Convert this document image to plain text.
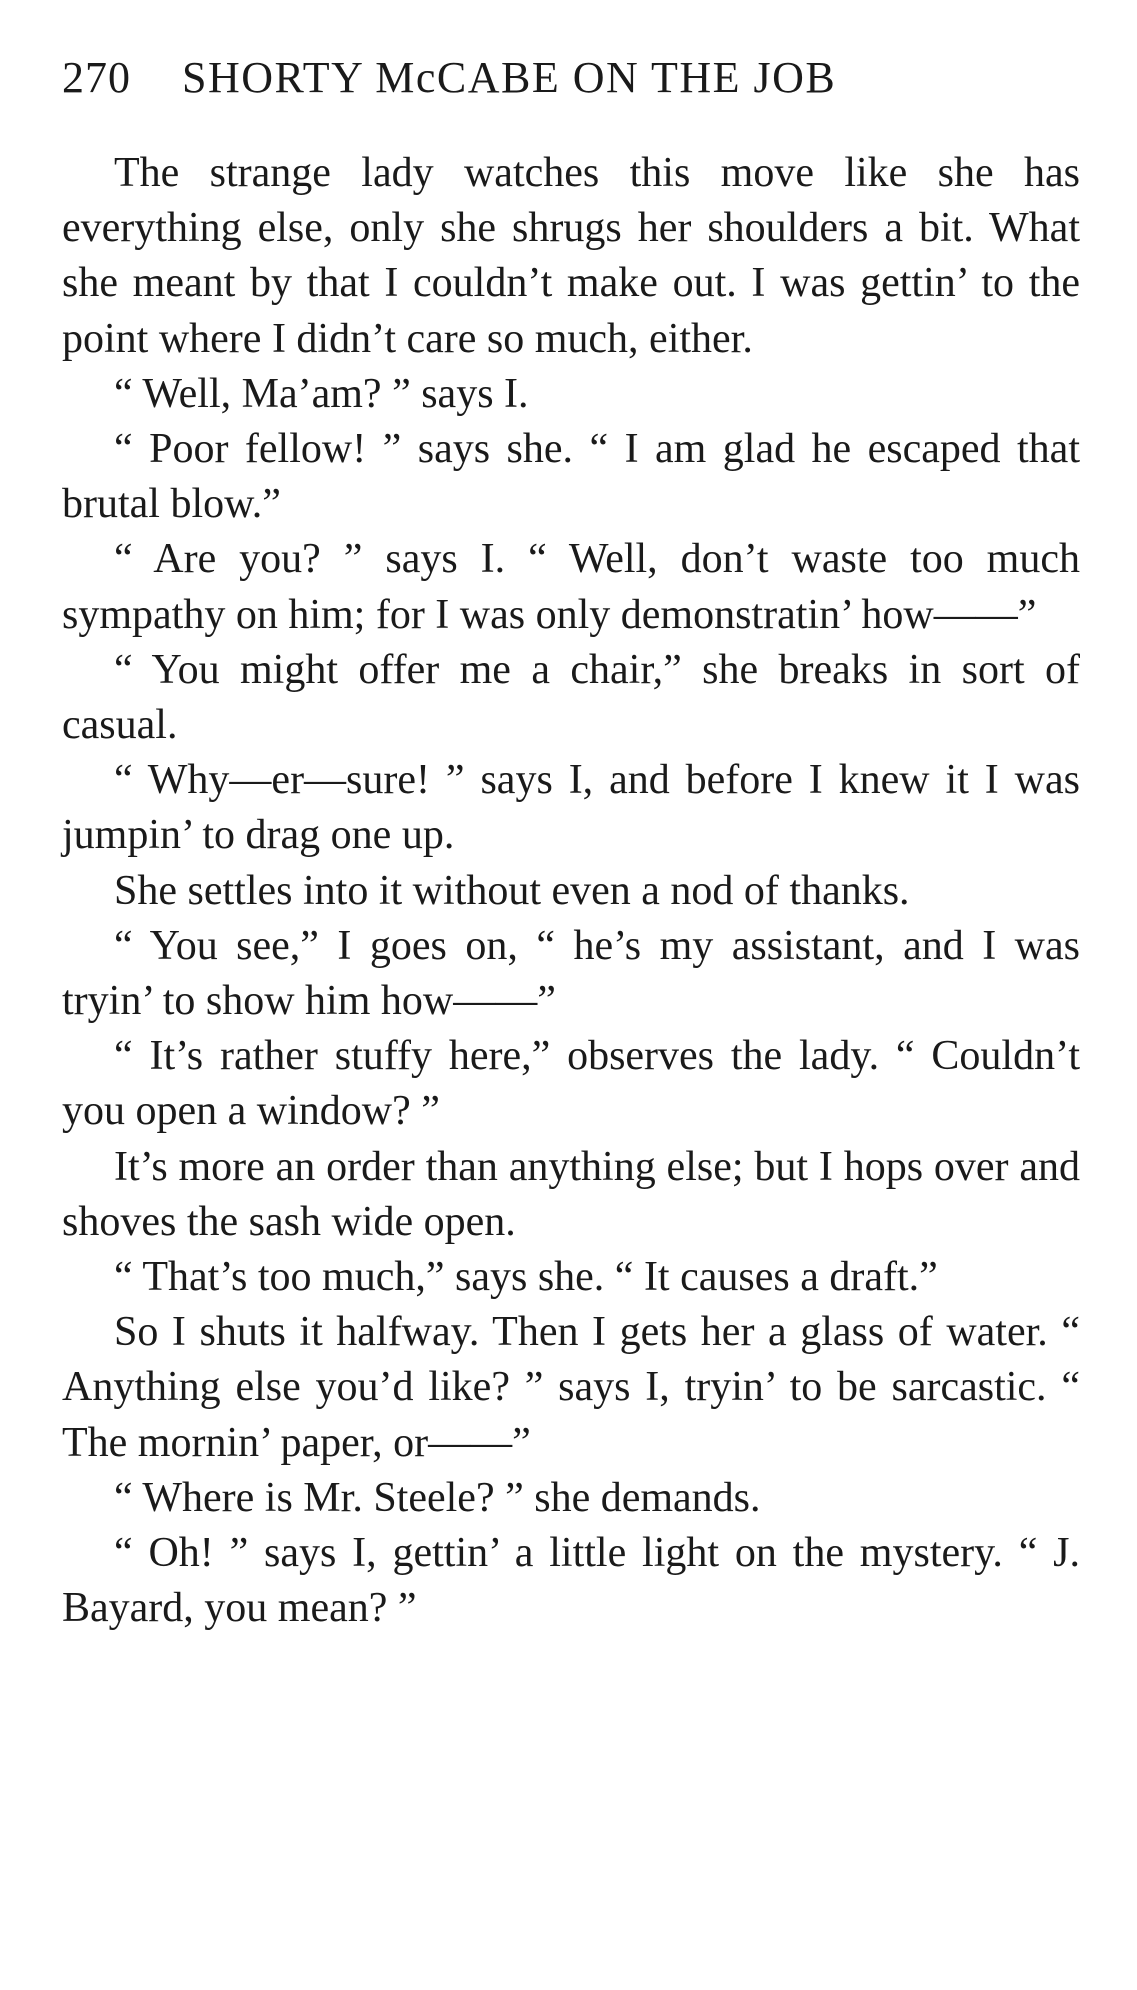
270	SHORTY McCABE ON THE JOB

The strange lady watches this move like she has everything else, only she shrugs her shoulders a bit. What she meant by that I couldn’t make out. I was gettin’ to the point where I didn’t care so much, either.

“ Well, Ma’am? ” says I.

“ Poor fellow! ” says she. “ I am glad he escaped that brutal blow.”

“ Are you? ” says I. “ Well, don’t waste too much sympathy on him; for I was only demonstratin’ how——”

“ You might offer me a chair,” she breaks in sort of casual.

“ Why—er—sure! ” says I, and before I knew it I was jumpin’ to drag one up.

She settles into it without even a nod of thanks.

“ You see,” I goes on, “ he’s my assistant, and I was tryin’ to show him how——”

“ It’s rather stuffy here,” observes the lady. “ Couldn’t you open a window? ”

It’s more an order than anything else; but I hops over and shoves the sash wide open.

“ That’s too much,” says she. “ It causes a draft.”

So I shuts it halfway. Then I gets her a glass of water. “ Anything else you’d like? ” says I, tryin’ to be sarcastic. “ The mornin’ paper, or——”

“ Where is Mr. Steele? ” she demands.

“ Oh! ” says I, gettin’ a little light on the mystery. “ J. Bayard, you mean? ”
